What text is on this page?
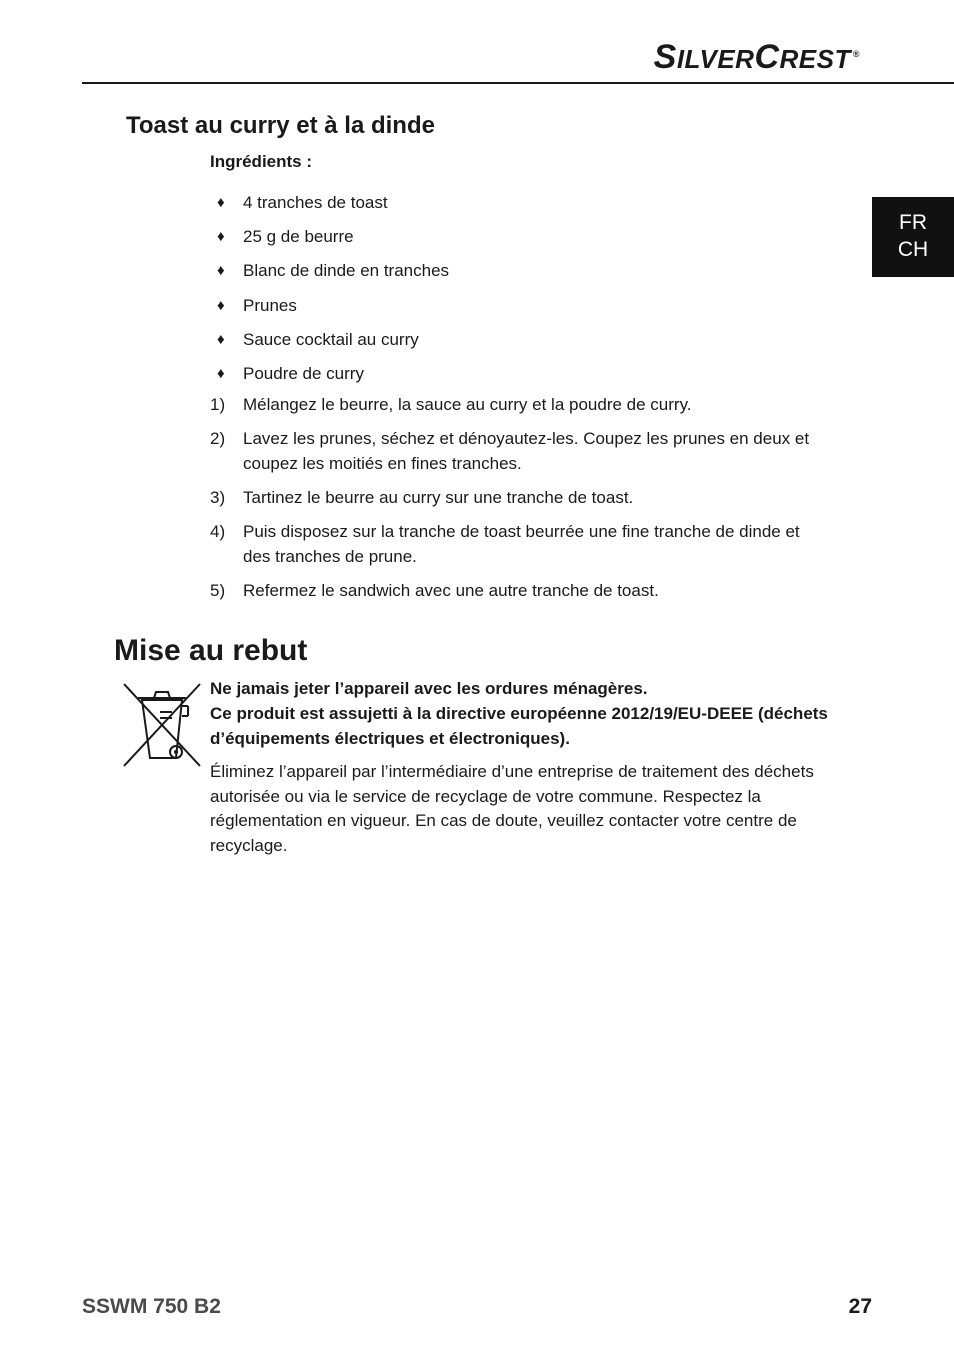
SILVERCREST ®
FR
CH
Toast au curry et à la dinde
Ingrédients :
♦	4 tranches de toast
♦	25 g de beurre
♦	Blanc de dinde en tranches
♦	Prunes
♦	Sauce cocktail au curry
♦	Poudre de curry
1)	Mélangez le beurre, la sauce au curry et la poudre de curry.
2)	Lavez les prunes, séchez et dénoyautez-les. Coupez les prunes en deux et coupez les moitiés en fines tranches.
3)	Tartinez le beurre au curry sur une tranche de toast.
4)	Puis disposez sur la tranche de toast beurrée une fine tranche de dinde et des tranches de prune.
5)	Refermez le sandwich avec une autre tranche de toast.
Mise au rebut
Ne jamais jeter l’appareil avec les ordures ménagères.
Ce produit est assujetti à la directive européenne 2012/19/EU-DEEE (déchets d’équipements électriques et électroniques).

Éliminez l’appareil par l’intermédiaire d’une entreprise de traitement des déchets autorisée ou via le service de recyclage de votre commune. Respectez la réglementation en vigueur. En cas de doute, veuillez contacter votre centre de recyclage.

SSWM 750 B2	27
